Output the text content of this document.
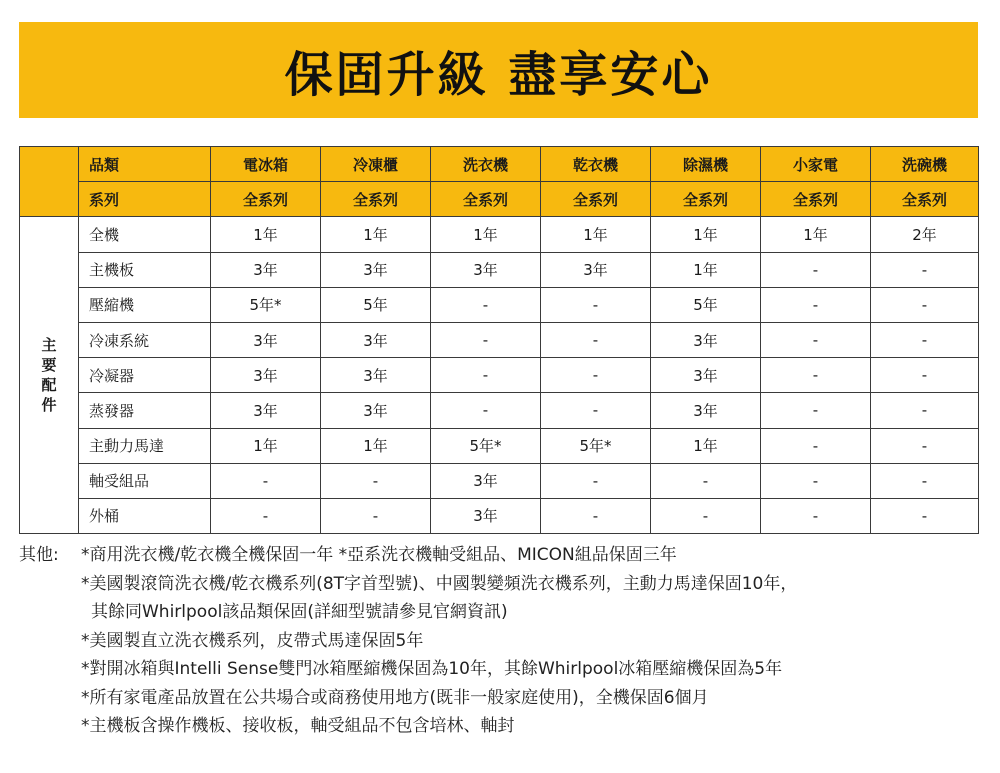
保固升級 盡享安心
	品類	電冰箱	冷凍櫃	洗衣機	乾衣機	除濕機	小家電	洗碗機
	系列	全系列	全系列	全系列	全系列	全系列	全系列	全系列

主
要
配
件	全機	1年	1年	1年	1年	1年	1年	2年
	主機板	3年	3年	3年	3年	1年	-	-
	壓縮機	5年*	5年	-	-	5年	-	-
	冷凍系統	3年	3年	-	-	3年	-	-
	冷凝器	3年	3年	-	-	3年	-	-
	蒸發器	3年	3年	-	-	3年	-	-
	主動力馬達	1年	1年	5年*	5年*	1年	-	-
	軸受組品	-	-	3年	-	-	-	-
	外桶	-	-	3年	-	-	-	-
其他:	*商用洗衣機/乾衣機全機保固一年 *亞系洗衣機軸受組品、MICON組品保固三年
*美國製滾筒洗衣機/乾衣機系列(8T字首型號)、中國製變頻洗衣機系列，主動力馬達保固10年，
其餘同Whirlpool該品類保固(詳細型號請參見官網資訊)
*美國製直立洗衣機系列，皮帶式馬達保固5年
*對開冰箱與Intelli Sense雙門冰箱壓縮機保固為10年，其餘Whirlpool冰箱壓縮機保固為5年
*所有家電產品放置在公共場合或商務使用地方(既非一般家庭使用)，全機保固6個月
*主機板含操作機板、接收板，軸受組品不包含培林、軸封
